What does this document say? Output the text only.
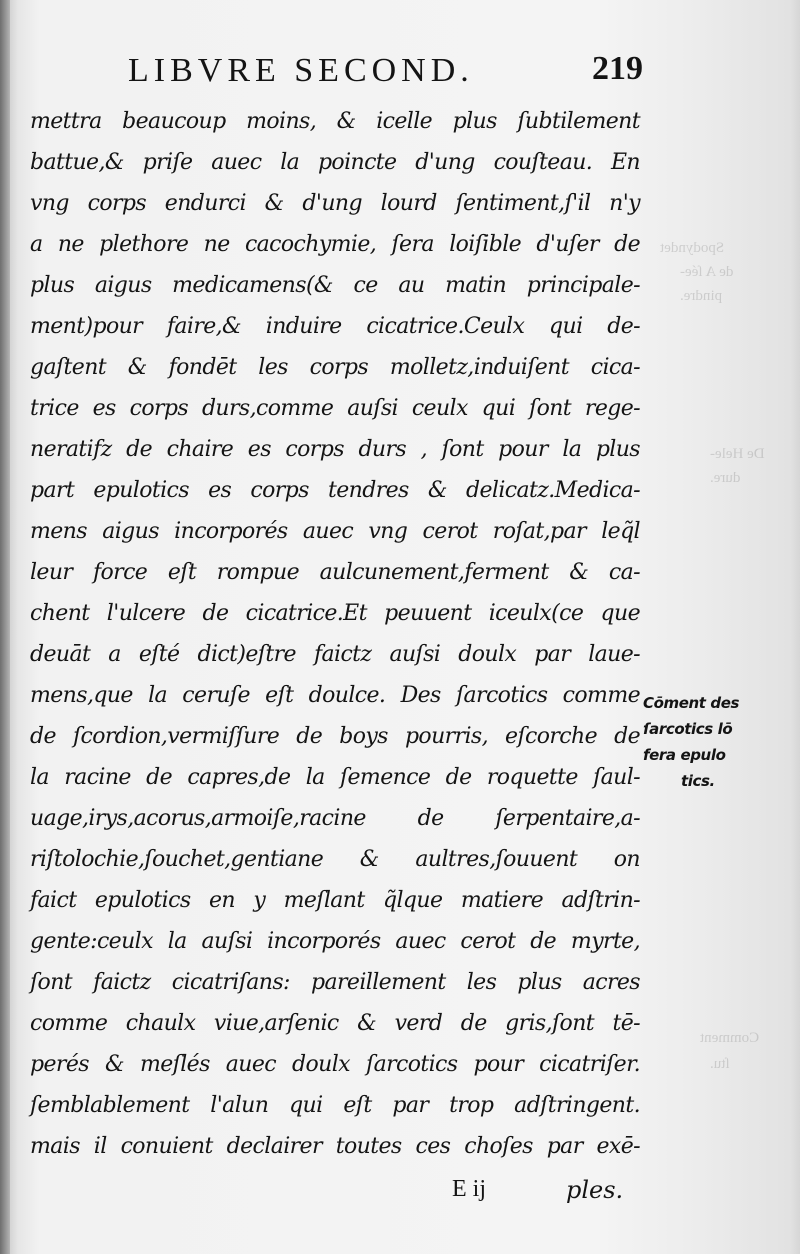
Spodyndet
de A ſée-
pindre.
De Hele-
dure.
Comment
ſtu.
LIBVRE SECOND.	219
mettra beaucoup moins, & icelle plus ſubtilement
battue,& priſe auec la poincte d'ung couſteau. En
vng corps endurci & d'ung lourd ſentiment,ſ'il n'y
a ne plethore ne cacochymie, ſera loiſible d'uſer de
plus aigus medicamens(& ce au matin principale-
ment)pour faire,& induire cicatrice.Ceulx qui de-
gaſtent & fondēt les corps molletz,induiſent cica-
trice es corps durs,comme auſsi ceulx qui ſont rege-
neratifz de chaire es corps durs , ſont pour la plus
part epulotics es corps tendres & delicatz.Medica-
mens aigus incorporés auec vng cerot roſat,par leq̃l
leur force eſt rompue aulcunement,ferment & ca-
chent l'ulcere de cicatrice.Et peuuent iceulx(ce que
deuāt a eſté dict)eſtre faictz auſsi doulx par laue-
mens,que la ceruſe eſt doulce. Des ſarcotics comme
de ſcordion,vermiſſure de boys pourris, eſcorche de
la racine de capres,de la ſemence de roquette ſaul-
uage,irys,acorus,armoiſe,racine de ſerpentaire,a-
riſtolochie,ſouchet,gentiane & aultres,ſouuent on
faict epulotics en y meſlant q̃lque matiere adſtrin-
gente:ceulx la auſsi incorporés auec cerot de myrte,
ſont faictz cicatriſans: pareillement les plus acres
comme chaulx viue,arſenic & verd de gris,ſont tē-
perés & meſlés auec doulx ſarcotics pour cicatriſer.
ſemblablement l'alun qui eſt par trop adſtringent.
mais il conuient declairer toutes ces choſes par exē-
Cōment des
ſarcotics lō
fera epulo
tics.
E ij	ples.
